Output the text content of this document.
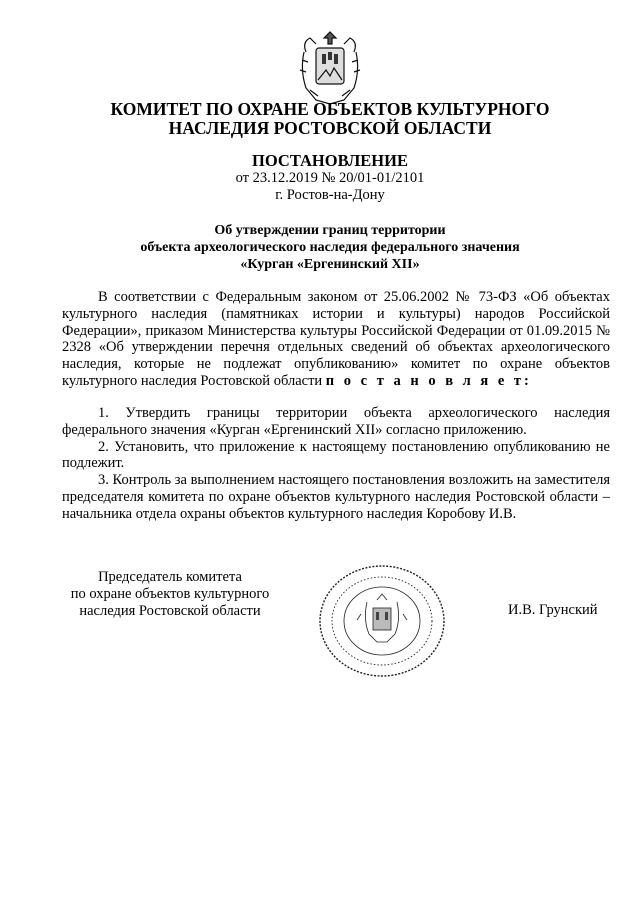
КОМИТЕТ ПО ОХРАНЕ ОБЪЕКТОВ КУЛЬТУРНОГО
НАСЛЕДИЯ РОСТОВСКОЙ ОБЛАСТИ
ПОСТАНОВЛЕНИЕ
от 23.12.2019 № 20/01-01/2101
г. Ростов-на-Дону
Об утверждении границ территории
объекта археологического наследия федерального значения
«Курган «Ергенинский XII»

В соответствии с Федеральным законом от 25.06.2002 № 73-ФЗ «Об объектах культурного наследия (памятниках истории и культуры) народов Российской Федерации», приказом Министерства культуры Российской Федерации от 01.09.2015 № 2328 «Об утверждении перечня отдельных сведений об объектах археологического наследия, которые не подлежат опубликованию» комитет по охране объектов культурного наследия Ростовской области п о с т а н о в л я е т:

1. Утвердить границы территории объекта археологического наследия федерального значения «Курган «Ергенинский XII» согласно приложению.

2. Установить, что приложение к настоящему постановлению опубликованию не подлежит.

3. Контроль за выполнением настоящего постановления возложить на заместителя председателя комитета по охране объектов культурного наследия Ростовской области – начальника отдела охраны объектов культурного наследия Коробову И.В.

Председатель комитета
по охране объектов культурного
наследия Ростовской области	И.В. Грунский
